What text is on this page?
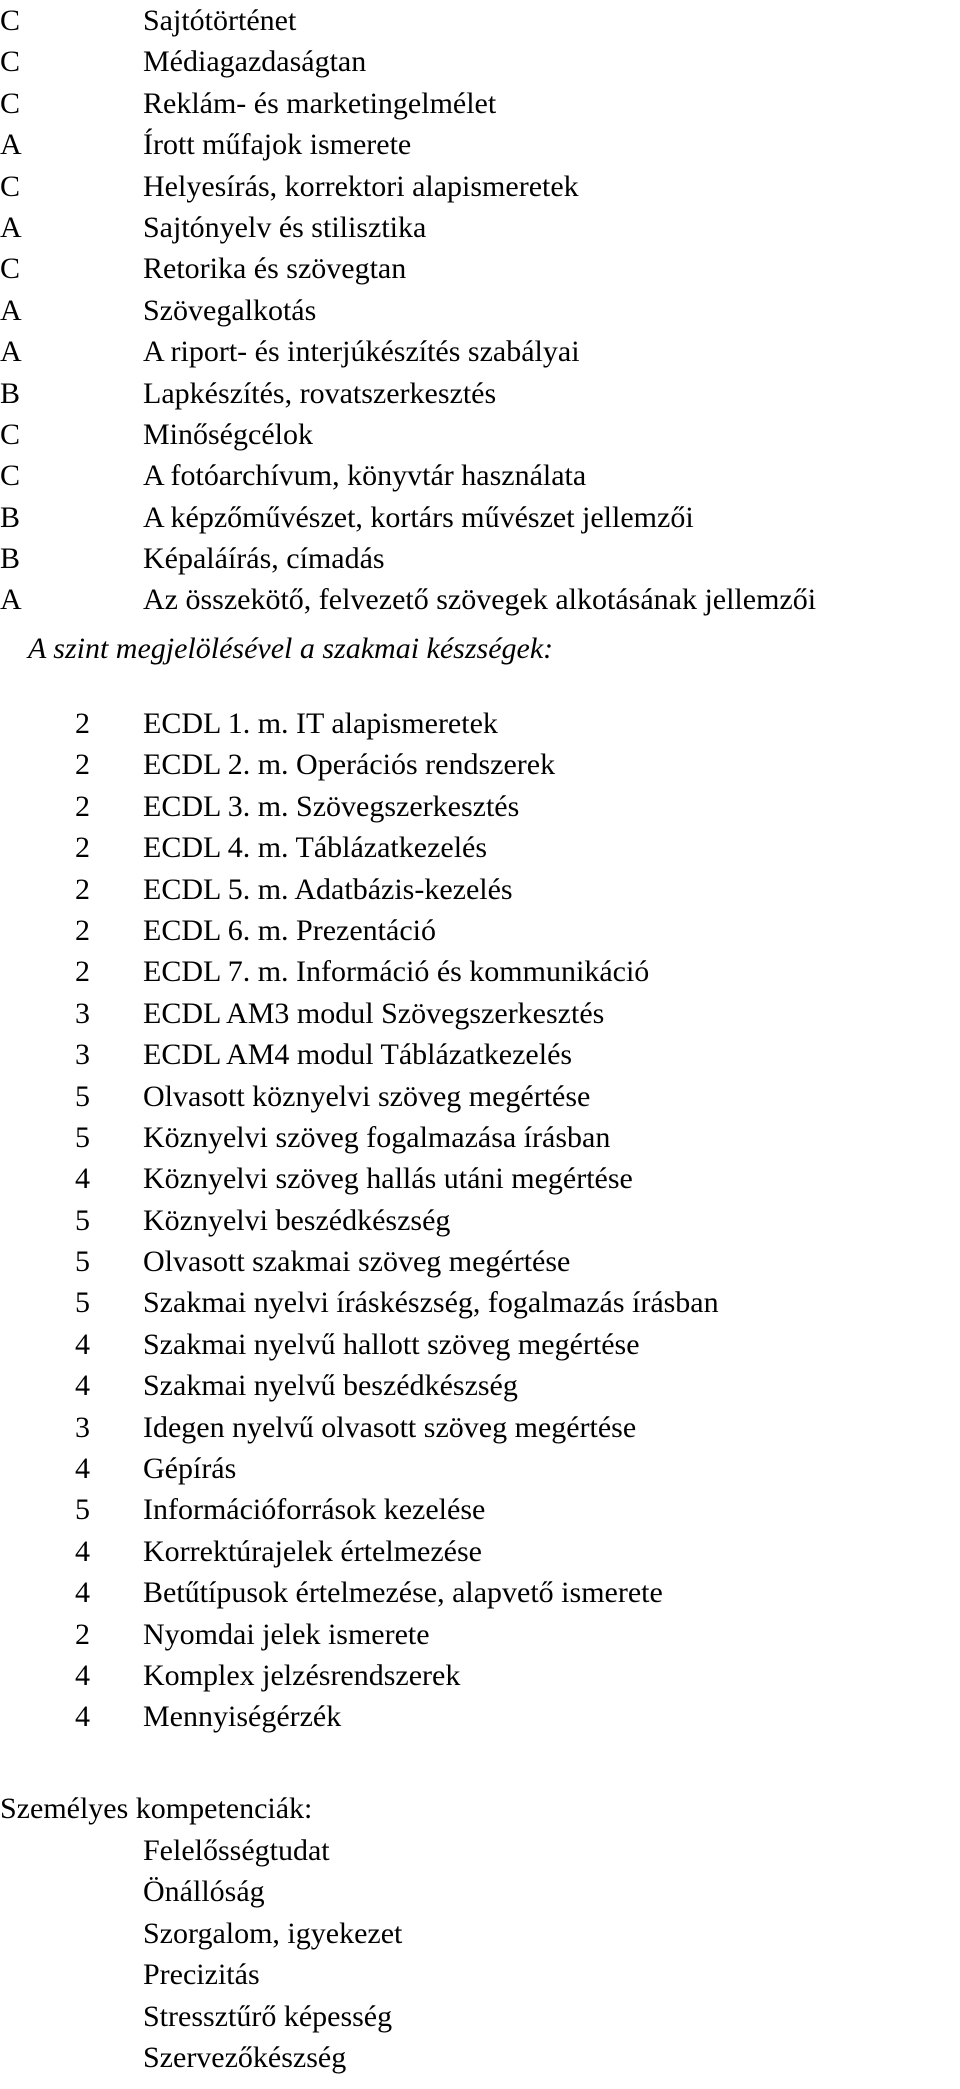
C	Sajtótörténet
C	Médiagazdaságtan
C	Reklám- és marketingelmélet
A	Írott műfajok ismerete
C	Helyesírás, korrektori alapismeretek
A	Sajtónyelv és stilisztika
C	Retorika és szövegtan
A	Szövegalkotás
A	A riport- és interjúkészítés szabályai
B	Lapkészítés, rovatszerkesztés
C	Minőségcélok
C	A fotóarchívum, könyvtár használata
B	A képzőművészet, kortárs művészet jellemzői
B	Képaláírás, címadás
A	Az összekötő, felvezető szövegek alkotásának jellemzői
A szint megjelölésével a szakmai készségek:
2	ECDL 1. m. IT alapismeretek
2	ECDL 2. m. Operációs rendszerek
2	ECDL 3. m. Szövegszerkesztés
2	ECDL 4. m. Táblázatkezelés
2	ECDL 5. m. Adatbázis-kezelés
2	ECDL 6. m. Prezentáció
2	ECDL 7. m. Információ és kommunikáció
3	ECDL AM3 modul Szövegszerkesztés
3	ECDL AM4 modul Táblázatkezelés
5	Olvasott köznyelvi szöveg megértése
5	Köznyelvi szöveg fogalmazása írásban
4	Köznyelvi szöveg hallás utáni megértése
5	Köznyelvi beszédkészség
5	Olvasott szakmai szöveg megértése
5	Szakmai nyelvi íráskészség, fogalmazás írásban
4	Szakmai nyelvű hallott szöveg megértése
4	Szakmai nyelvű beszédkészség
3	Idegen nyelvű olvasott szöveg megértése
4	Gépírás
5	Információforrások kezelése
4	Korrektúrajelek értelmezése
4	Betűtípusok értelmezése, alapvető ismerete
2	Nyomdai jelek ismerete
4	Komplex jelzésrendszerek
4	Mennyiségérzék
Személyes kompetenciák:
Felelősségtudat
Önállóság
Szorgalom, igyekezet
Precizitás
Stressztűrő képesség
Szervezőkészség
